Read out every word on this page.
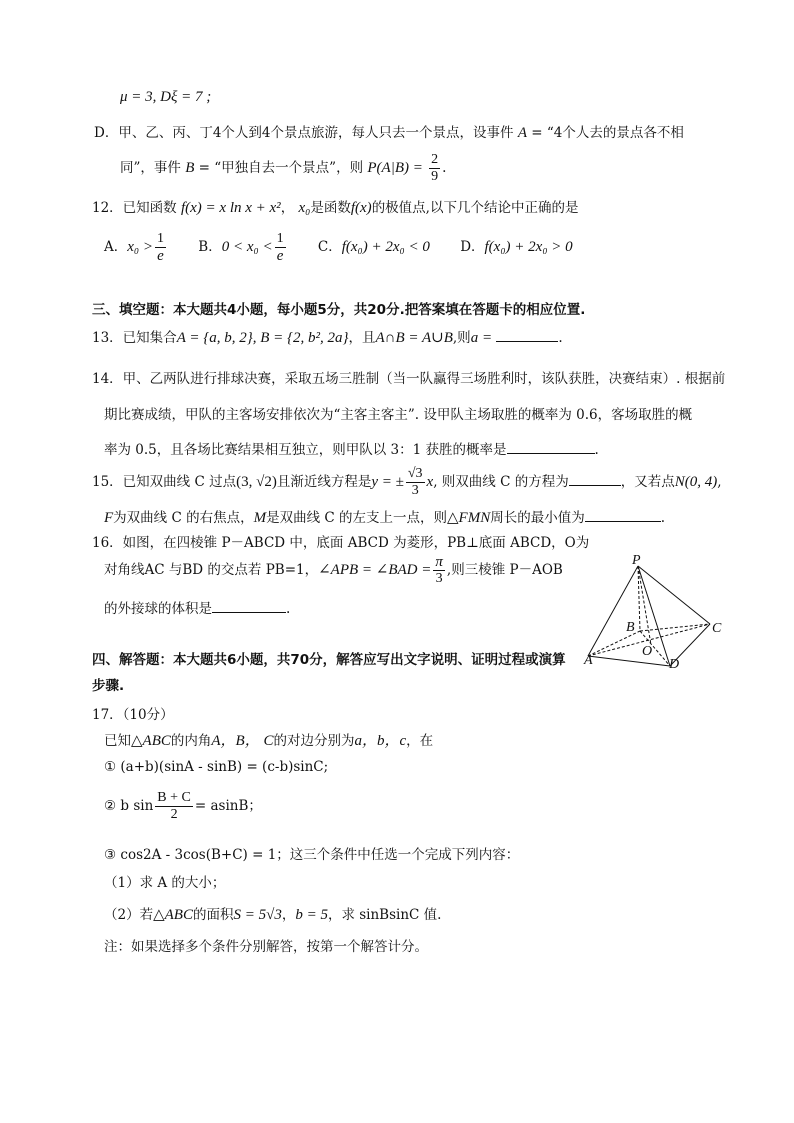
μ = 3, Dξ = 7 ;
D．甲、乙、丙、丁4个人到4个景点旅游，每人只去一个景点，设事件 A = “4个人去的景点各不相
同”，事件 B = “甲独自去一个景点”，则 $P(A|B) = \frac{2}{9}$ .
12．已知函数 f(x) = x ln x + x²， x₀是函数f(x)的极值点,以下几个结论中正确的是
A．$x_0 > \frac{1}{e}$ B．$0 < x_0 < \frac{1}{e}$ C．f(x₀) + 2x₀ < 0 D．f(x₀) + 2x₀ > 0
三、填空题：本大题共4小题，每小题5分，共20分.把答案填在答题卡的相应位置.
13．已知集合A = {a, b, 2}, B = {2, b², 2a}，且A∩B = A∪B,则a =	.
14．甲、乙两队进行排球决赛，采取五场三胜制（当一队赢得三场胜利时，该队获胜，决赛结束）. 根据前
期比赛成绩，甲队的主客场安排依次为“主客主客主”. 设甲队主场取胜的概率为 0.6，客场取胜的概
率为 0.5，且各场比赛结果相互独立，则甲队以 3：1 获胜的概率是	.
15．已知双曲线 C 过点(3, √2)且渐近线方程是y = ± $\frac{√3}{3} x$, 则双曲线 C 的方程为	，又若点N(0, 4),
F为双曲线 C 的右焦点，M是双曲线 C 的左支上一点，则△FMN周长的最小值为	.
16．如图，在四棱锥 P－ABCD 中，底面 ABCD 为菱形，PB⊥底面 ABCD，O为
对角线AC 与BD 的交点若 PB=1，∠APB = ∠BAD = $\frac{\pi}{3}$ ,则三棱锥 P－AOB
的外接球的体积是	.
P
B	C
O
A	D
四、解答题：本大题共6小题，共70分，解答应写出文字说明、证明过程或演算
步骤.
17．（10分）
已知△ABC的内角A，B， C的对边分别为a，b，c，在
① (a+b)(sinA - sinB) = (c-b)sinC;
② b $\sin \frac{B + C}{2} = asinB$；
③ cos2A - 3cos(B+C) = 1；这三个条件中任选一个完成下列内容：
（1）求 A 的大小；
（2）若△ABC的面积S = 5√3，b = 5，求 sinBsinC 值.
注：如果选择多个条件分别解答，按第一个解答计分。
